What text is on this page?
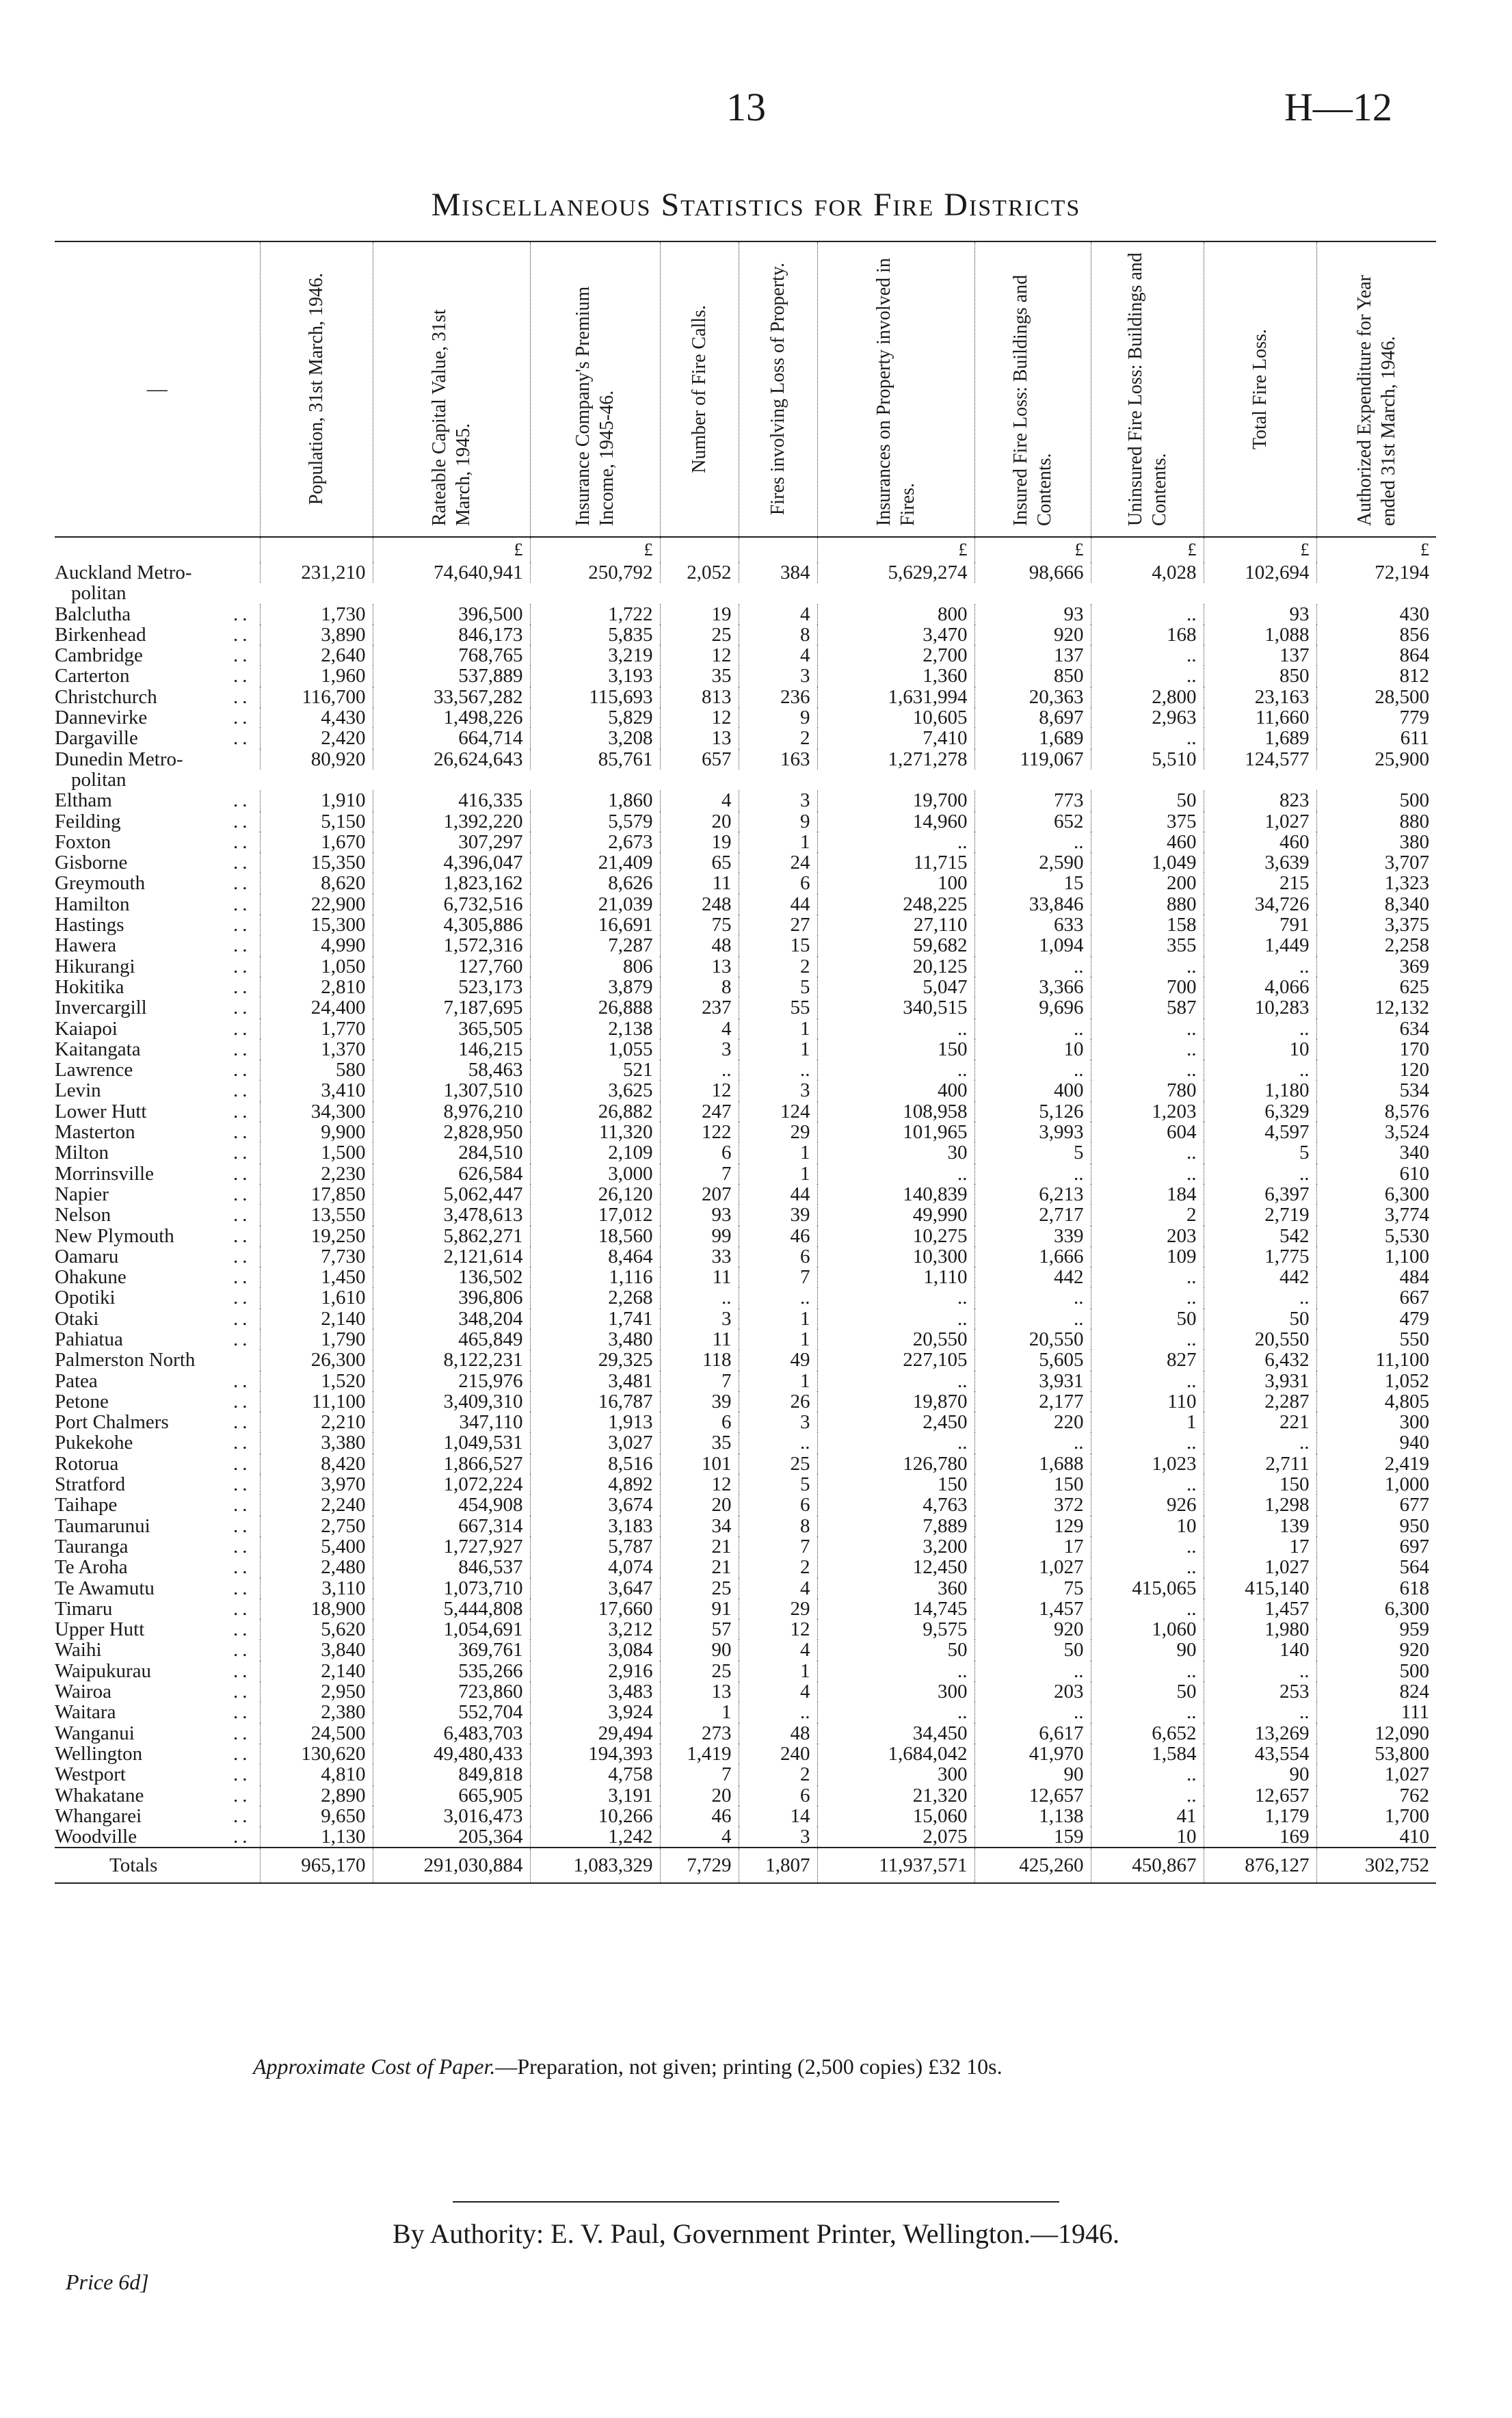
13	H—12
Miscellaneous Statistics for Fire Districts

—	Population, 31st March, 1946.	Rateable Capital Value, 31st March, 1945.	Insurance Company's Premium Income, 1945-46.	Number of Fire Calls.	Fires involving Loss of Property.	Insurances on Property involved in Fires.	Insured Fire Loss: Buildings and Contents.	Uninsured Fire Loss: Buildings and Contents.	Total Fire Loss.	Authorized Expenditure for Year ended 31st March, 1946.

		£	£			£	£	£	£	£
Auckland Metro-	231,210	74,640,941	250,792	2,052	384	5,629,274	98,666	4,028	102,694	72,194
politan										
Balclutha ..	1,730	396,500	1,722	19	4	800	93	..	93	430
Birkenhead ..	3,890	846,173	5,835	25	8	3,470	920	168	1,088	856
Cambridge ..	2,640	768,765	3,219	12	4	2,700	137	..	137	864
Carterton ..	1,960	537,889	3,193	35	3	1,360	850	..	850	812
Christchurch ..	116,700	33,567,282	115,693	813	236	1,631,994	20,363	2,800	23,163	28,500
Dannevirke ..	4,430	1,498,226	5,829	12	9	10,605	8,697	2,963	11,660	779
Dargaville ..	2,420	664,714	3,208	13	2	7,410	1,689	..	1,689	611
Dunedin Metro-	80,920	26,624,643	85,761	657	163	1,271,278	119,067	5,510	124,577	25,900
politan										
Eltham ..	1,910	416,335	1,860	4	3	19,700	773	50	823	500
Feilding ..	5,150	1,392,220	5,579	20	9	14,960	652	375	1,027	880
Foxton ..	1,670	307,297	2,673	19	1	..	..	460	460	380
Gisborne ..	15,350	4,396,047	21,409	65	24	11,715	2,590	1,049	3,639	3,707
Greymouth ..	8,620	1,823,162	8,626	11	6	100	15	200	215	1,323
Hamilton ..	22,900	6,732,516	21,039	248	44	248,225	33,846	880	34,726	8,340
Hastings ..	15,300	4,305,886	16,691	75	27	27,110	633	158	791	3,375
Hawera ..	4,990	1,572,316	7,287	48	15	59,682	1,094	355	1,449	2,258
Hikurangi ..	1,050	127,760	806	13	2	20,125	..	..	..	369
Hokitika ..	2,810	523,173	3,879	8	5	5,047	3,366	700	4,066	625
Invercargill ..	24,400	7,187,695	26,888	237	55	340,515	9,696	587	10,283	12,132
Kaiapoi ..	1,770	365,505	2,138	4	1	..	..	..	..	634
Kaitangata ..	1,370	146,215	1,055	3	1	150	10	..	10	170
Lawrence ..	580	58,463	521	..	..	..	..	..	..	120
Levin ..	3,410	1,307,510	3,625	12	3	400	400	780	1,180	534
Lower Hutt ..	34,300	8,976,210	26,882	247	124	108,958	5,126	1,203	6,329	8,576
Masterton ..	9,900	2,828,950	11,320	122	29	101,965	3,993	604	4,597	3,524
Milton ..	1,500	284,510	2,109	6	1	30	5	..	5	340
Morrinsville ..	2,230	626,584	3,000	7	1	..	..	..	..	610
Napier ..	17,850	5,062,447	26,120	207	44	140,839	6,213	184	6,397	6,300
Nelson ..	13,550	3,478,613	17,012	93	39	49,990	2,717	2	2,719	3,774
New Plymouth ..	19,250	5,862,271	18,560	99	46	10,275	339	203	542	5,530
Oamaru ..	7,730	2,121,614	8,464	33	6	10,300	1,666	109	1,775	1,100
Ohakune ..	1,450	136,502	1,116	11	7	1,110	442	..	442	484
Opotiki ..	1,610	396,806	2,268	..	..	..	..	..	..	667
Otaki ..	2,140	348,204	1,741	3	1	..	..	50	50	479
Pahiatua ..	1,790	465,849	3,480	11	1	20,550	20,550	..	20,550	550
Palmerston North	26,300	8,122,231	29,325	118	49	227,105	5,605	827	6,432	11,100
Patea ..	1,520	215,976	3,481	7	1	..	3,931	..	3,931	1,052
Petone ..	11,100	3,409,310	16,787	39	26	19,870	2,177	110	2,287	4,805
Port Chalmers ..	2,210	347,110	1,913	6	3	2,450	220	1	221	300
Pukekohe ..	3,380	1,049,531	3,027	35	..	..	..	..	..	940
Rotorua ..	8,420	1,866,527	8,516	101	25	126,780	1,688	1,023	2,711	2,419
Stratford ..	3,970	1,072,224	4,892	12	5	150	150	..	150	1,000
Taihape ..	2,240	454,908	3,674	20	6	4,763	372	926	1,298	677
Taumarunui ..	2,750	667,314	3,183	34	8	7,889	129	10	139	950
Tauranga ..	5,400	1,727,927	5,787	21	7	3,200	17	..	17	697
Te Aroha ..	2,480	846,537	4,074	21	2	12,450	1,027	..	1,027	564
Te Awamutu ..	3,110	1,073,710	3,647	25	4	360	75	415,065	415,140	618
Timaru ..	18,900	5,444,808	17,660	91	29	14,745	1,457	..	1,457	6,300
Upper Hutt ..	5,620	1,054,691	3,212	57	12	9,575	920	1,060	1,980	959
Waihi ..	3,840	369,761	3,084	90	4	50	50	90	140	920
Waipukurau ..	2,140	535,266	2,916	25	1	..	..	..	..	500
Wairoa ..	2,950	723,860	3,483	13	4	300	203	50	253	824
Waitara ..	2,380	552,704	3,924	1	..	..	..	..	..	111
Wanganui ..	24,500	6,483,703	29,494	273	48	34,450	6,617	6,652	13,269	12,090
Wellington ..	130,620	49,480,433	194,393	1,419	240	1,684,042	41,970	1,584	43,554	53,800
Westport ..	4,810	849,818	4,758	7	2	300	90	..	90	1,027
Whakatane ..	2,890	665,905	3,191	20	6	21,320	12,657	..	12,657	762
Whangarei ..	9,650	3,016,473	10,266	46	14	15,060	1,138	41	1,179	1,700
Woodville ..	1,130	205,364	1,242	4	3	2,075	159	10	169	410
Totals	965,170	291,030,884	1,083,329	7,729	1,807	11,937,571	425,260	450,867	876,127	302,752
Approximate Cost of Paper.—Preparation, not given; printing (2,500 copies) £32 10s.
By Authority: E. V. Paul, Government Printer, Wellington.—1946.
Price 6d]
